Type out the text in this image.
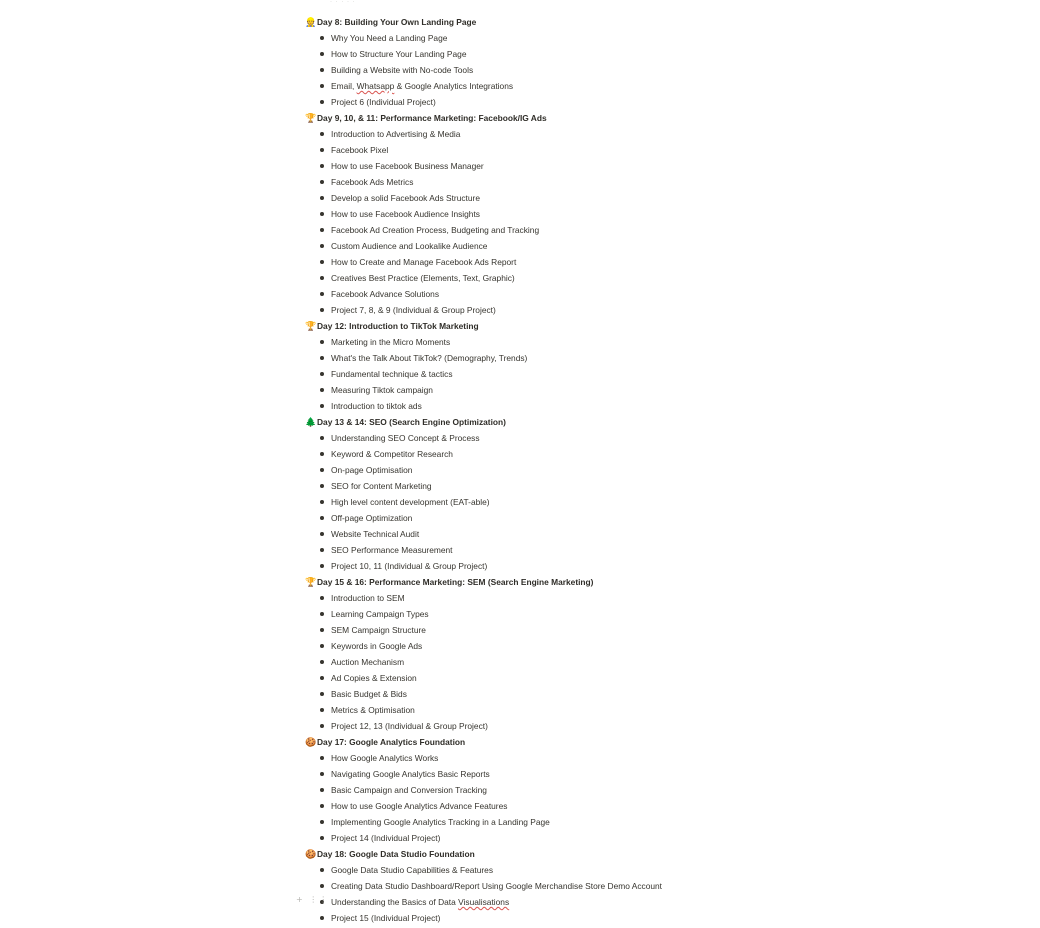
· · · · ·
👷Day 8: Building Your Own Landing Page
Why You Need a Landing Page
How to Structure Your Landing Page
Building a Website with No-code Tools
Email, Whatsapp & Google Analytics Integrations
Project 6 (Individual Project)
🏆Day 9, 10, & 11: Performance Marketing: Facebook/IG Ads
Introduction to Advertising & Media
Facebook Pixel
How to use Facebook Business Manager
Facebook Ads Metrics
Develop a solid Facebook Ads Structure
How to use Facebook Audience Insights
Facebook Ad Creation Process, Budgeting and Tracking
Custom Audience and Lookalike Audience
How to Create and Manage Facebook Ads Report
Creatives Best Practice (Elements, Text, Graphic)
Facebook Advance Solutions
Project 7, 8, & 9 (Individual & Group Project)
🏆Day 12: Introduction to TikTok Marketing
Marketing in the Micro Moments
What's the Talk About TikTok? (Demography, Trends)
Fundamental technique & tactics
Measuring Tiktok campaign
Introduction to tiktok ads
🌲Day 13 & 14: SEO (Search Engine Optimization)
Understanding SEO Concept & Process
Keyword & Competitor Research
On-page Optimisation
SEO for Content Marketing
High level content development (EAT-able)
Off-page Optimization
Website Technical Audit
SEO Performance Measurement
Project 10, 11 (Individual & Group Project)
🏆Day 15 & 16: Performance Marketing: SEM (Search Engine Marketing)
Introduction to SEM
Learning Campaign Types
SEM Campaign Structure
Keywords in Google Ads
Auction Mechanism
Ad Copies & Extension
Basic Budget & Bids
Metrics & Optimisation
Project 12, 13 (Individual & Group Project)
🍪Day 17: Google Analytics Foundation
How Google Analytics Works
Navigating Google Analytics Basic Reports
Basic Campaign and Conversion Tracking
How to use Google Analytics Advance Features
Implementing Google Analytics Tracking in a Landing Page
Project 14 (Individual Project)
🍪Day 18: Google Data Studio Foundation
Google Data Studio Capabilities & Features
Creating Data Studio Dashboard/Report Using Google Merchandise Store Demo Account
Understanding the Basics of Data Visualisations
Project 15 (Individual Project)
+ ⋮⋮
